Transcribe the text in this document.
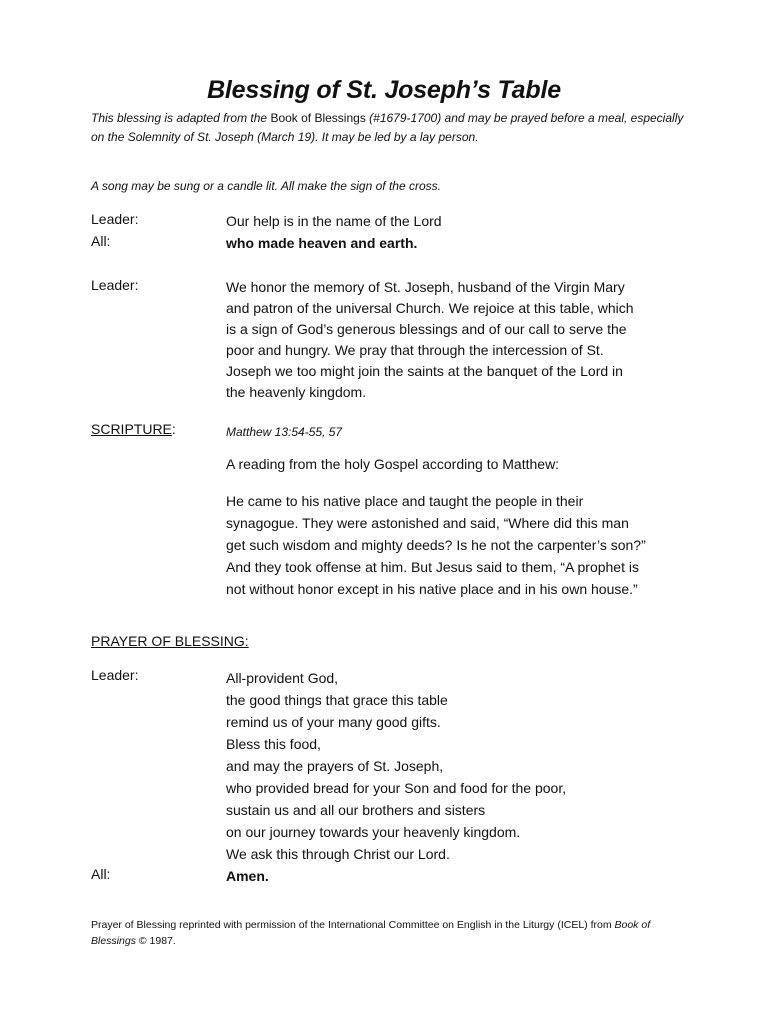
Blessing of St. Joseph’s Table
This blessing is adapted from the Book of Blessings (#1679-1700) and may be prayed before a meal, especially on the Solemnity of St. Joseph (March 19). It may be led by a lay person.
A song may be sung or a candle lit. All make the sign of the cross.
Leader:	Our help is in the name of the Lord
All:	who made heaven and earth.
Leader:	We honor the memory of St. Joseph, husband of the Virgin Mary
and patron of the universal Church. We rejoice at this table, which
is a sign of God’s generous blessings and of our call to serve the
poor and hungry. We pray that through the intercession of St.
Joseph we too might join the saints at the banquet of the Lord in
the heavenly kingdom.
SCRIPTURE:	Matthew 13:54-55, 57
A reading from the holy Gospel according to Matthew:
He came to his native place and taught the people in their
synagogue. They were astonished and said, “Where did this man
get such wisdom and mighty deeds? Is he not the carpenter’s son?”
And they took offense at him. But Jesus said to them, “A prophet is
not without honor except in his native place and in his own house.”
PRAYER OF BLESSING:
Leader:	All-provident God,
the good things that grace this table
remind us of your many good gifts.
Bless this food,
and may the prayers of St. Joseph,
who provided bread for your Son and food for the poor,
sustain us and all our brothers and sisters
on our journey towards your heavenly kingdom.
We ask this through Christ our Lord.
All:	Amen.
Prayer of Blessing reprinted with permission of the International Committee on English in the Liturgy (ICEL) from Book of Blessings © 1987.
